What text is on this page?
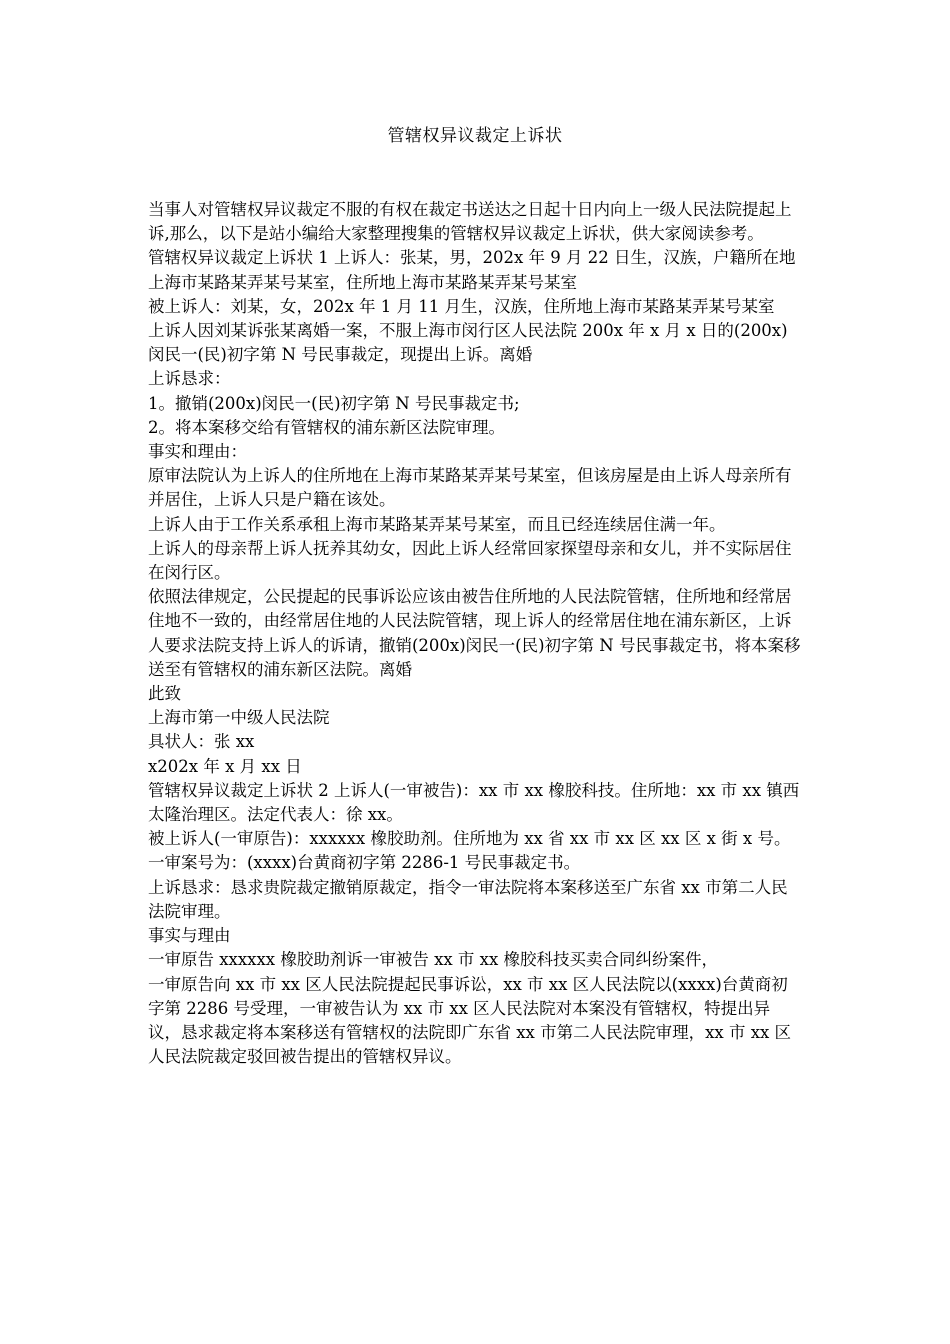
管辖权异议裁定上诉状

当事人对管辖权异议裁定不服的有权在裁定书送达之日起十日内向上一级人民法院提起上诉,那么，以下是站小编给大家整理搜集的管辖权异议裁定上诉状，供大家阅读参考。

管辖权异议裁定上诉状 1 上诉人：张某，男，202x 年 9 月 22 日生，汉族，户籍所在地上海市某路某弄某号某室，住所地上海市某路某弄某号某室

被上诉人：刘某，女，202x 年 1 月 11 月生，汉族，住所地上海市某路某弄某号某室

上诉人因刘某诉张某离婚一案，不服上海市闵行区人民法院 200x 年 x 月 x 日的(200x)闵民一(民)初字第 N 号民事裁定，现提出上诉。离婚

上诉恳求：

1。撤销(200x)闵民一(民)初字第 N 号民事裁定书;

2。将本案移交给有管辖权的浦东新区法院审理。

事实和理由：

原审法院认为上诉人的住所地在上海市某路某弄某号某室，但该房屋是由上诉人母亲所有并居住，上诉人只是户籍在该处。

上诉人由于工作关系承租上海市某路某弄某号某室，而且已经连续居住满一年。

上诉人的母亲帮上诉人抚养其幼女，因此上诉人经常回家探望母亲和女儿，并不实际居住在闵行区。

依照法律规定，公民提起的民事诉讼应该由被告住所地的人民法院管辖，住所地和经常居住地不一致的，由经常居住地的人民法院管辖，现上诉人的经常居住地在浦东新区，上诉人要求法院支持上诉人的诉请，撤销(200x)闵民一(民)初字第 N 号民事裁定书，将本案移送至有管辖权的浦东新区法院。离婚

此致

上海市第一中级人民法院

具状人：张 xx

x202x 年 x 月 xx 日

管辖权异议裁定上诉状 2 上诉人(一审被告)：xx 市 xx 橡胶科技。住所地：xx 市 xx 镇西太隆治理区。法定代表人：徐 xx。

被上诉人(一审原告)：xxxxxx 橡胶助剂。住所地为 xx 省 xx 市 xx 区 xx 区 x 街 x 号。

一审案号为：(xxxx)台黄商初字第 2286-1 号民事裁定书。

上诉恳求：恳求贵院裁定撤销原裁定，指令一审法院将本案移送至广东省 xx 市第二人民法院审理。

事实与理由

一审原告 xxxxxx 橡胶助剂诉一审被告 xx 市 xx 橡胶科技买卖合同纠纷案件，

一审原告向 xx 市 xx 区人民法院提起民事诉讼，xx 市 xx 区人民法院以(xxxx)台黄商初字第 2286 号受理，一审被告认为 xx 市 xx 区人民法院对本案没有管辖权，特提出异议，恳求裁定将本案移送有管辖权的法院即广东省 xx 市第二人民法院审理，xx 市 xx 区人民法院裁定驳回被告提出的管辖权异议。
